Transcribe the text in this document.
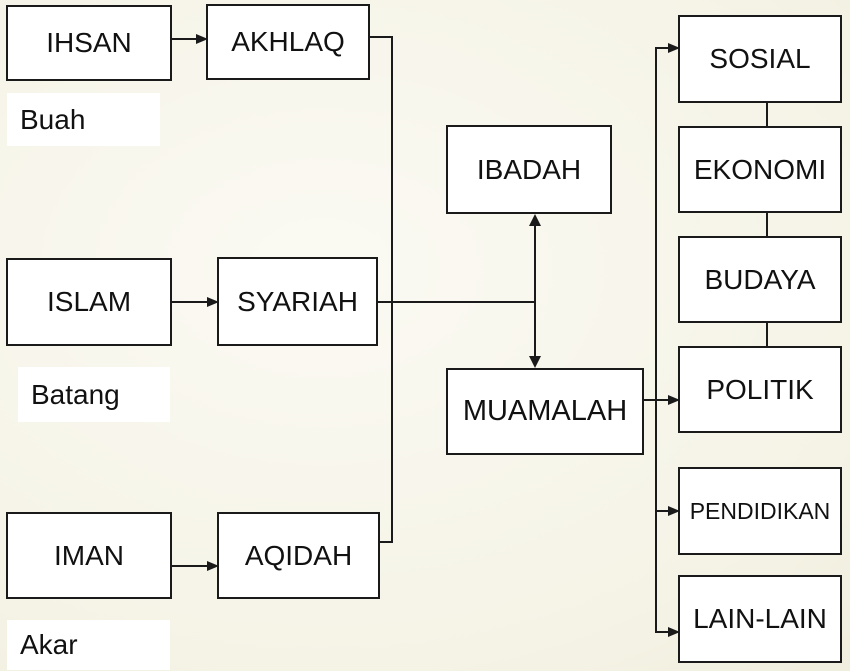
IHSAN	AKHLAQ
Buah
ISLAM	SYARIAH
Batang
IMAN	AQIDAH
Akar
IBADAH
MUAMALAH
SOSIAL
EKONOMI
BUDAYA
POLITIK
PENDIDIKAN
LAIN-LAIN
